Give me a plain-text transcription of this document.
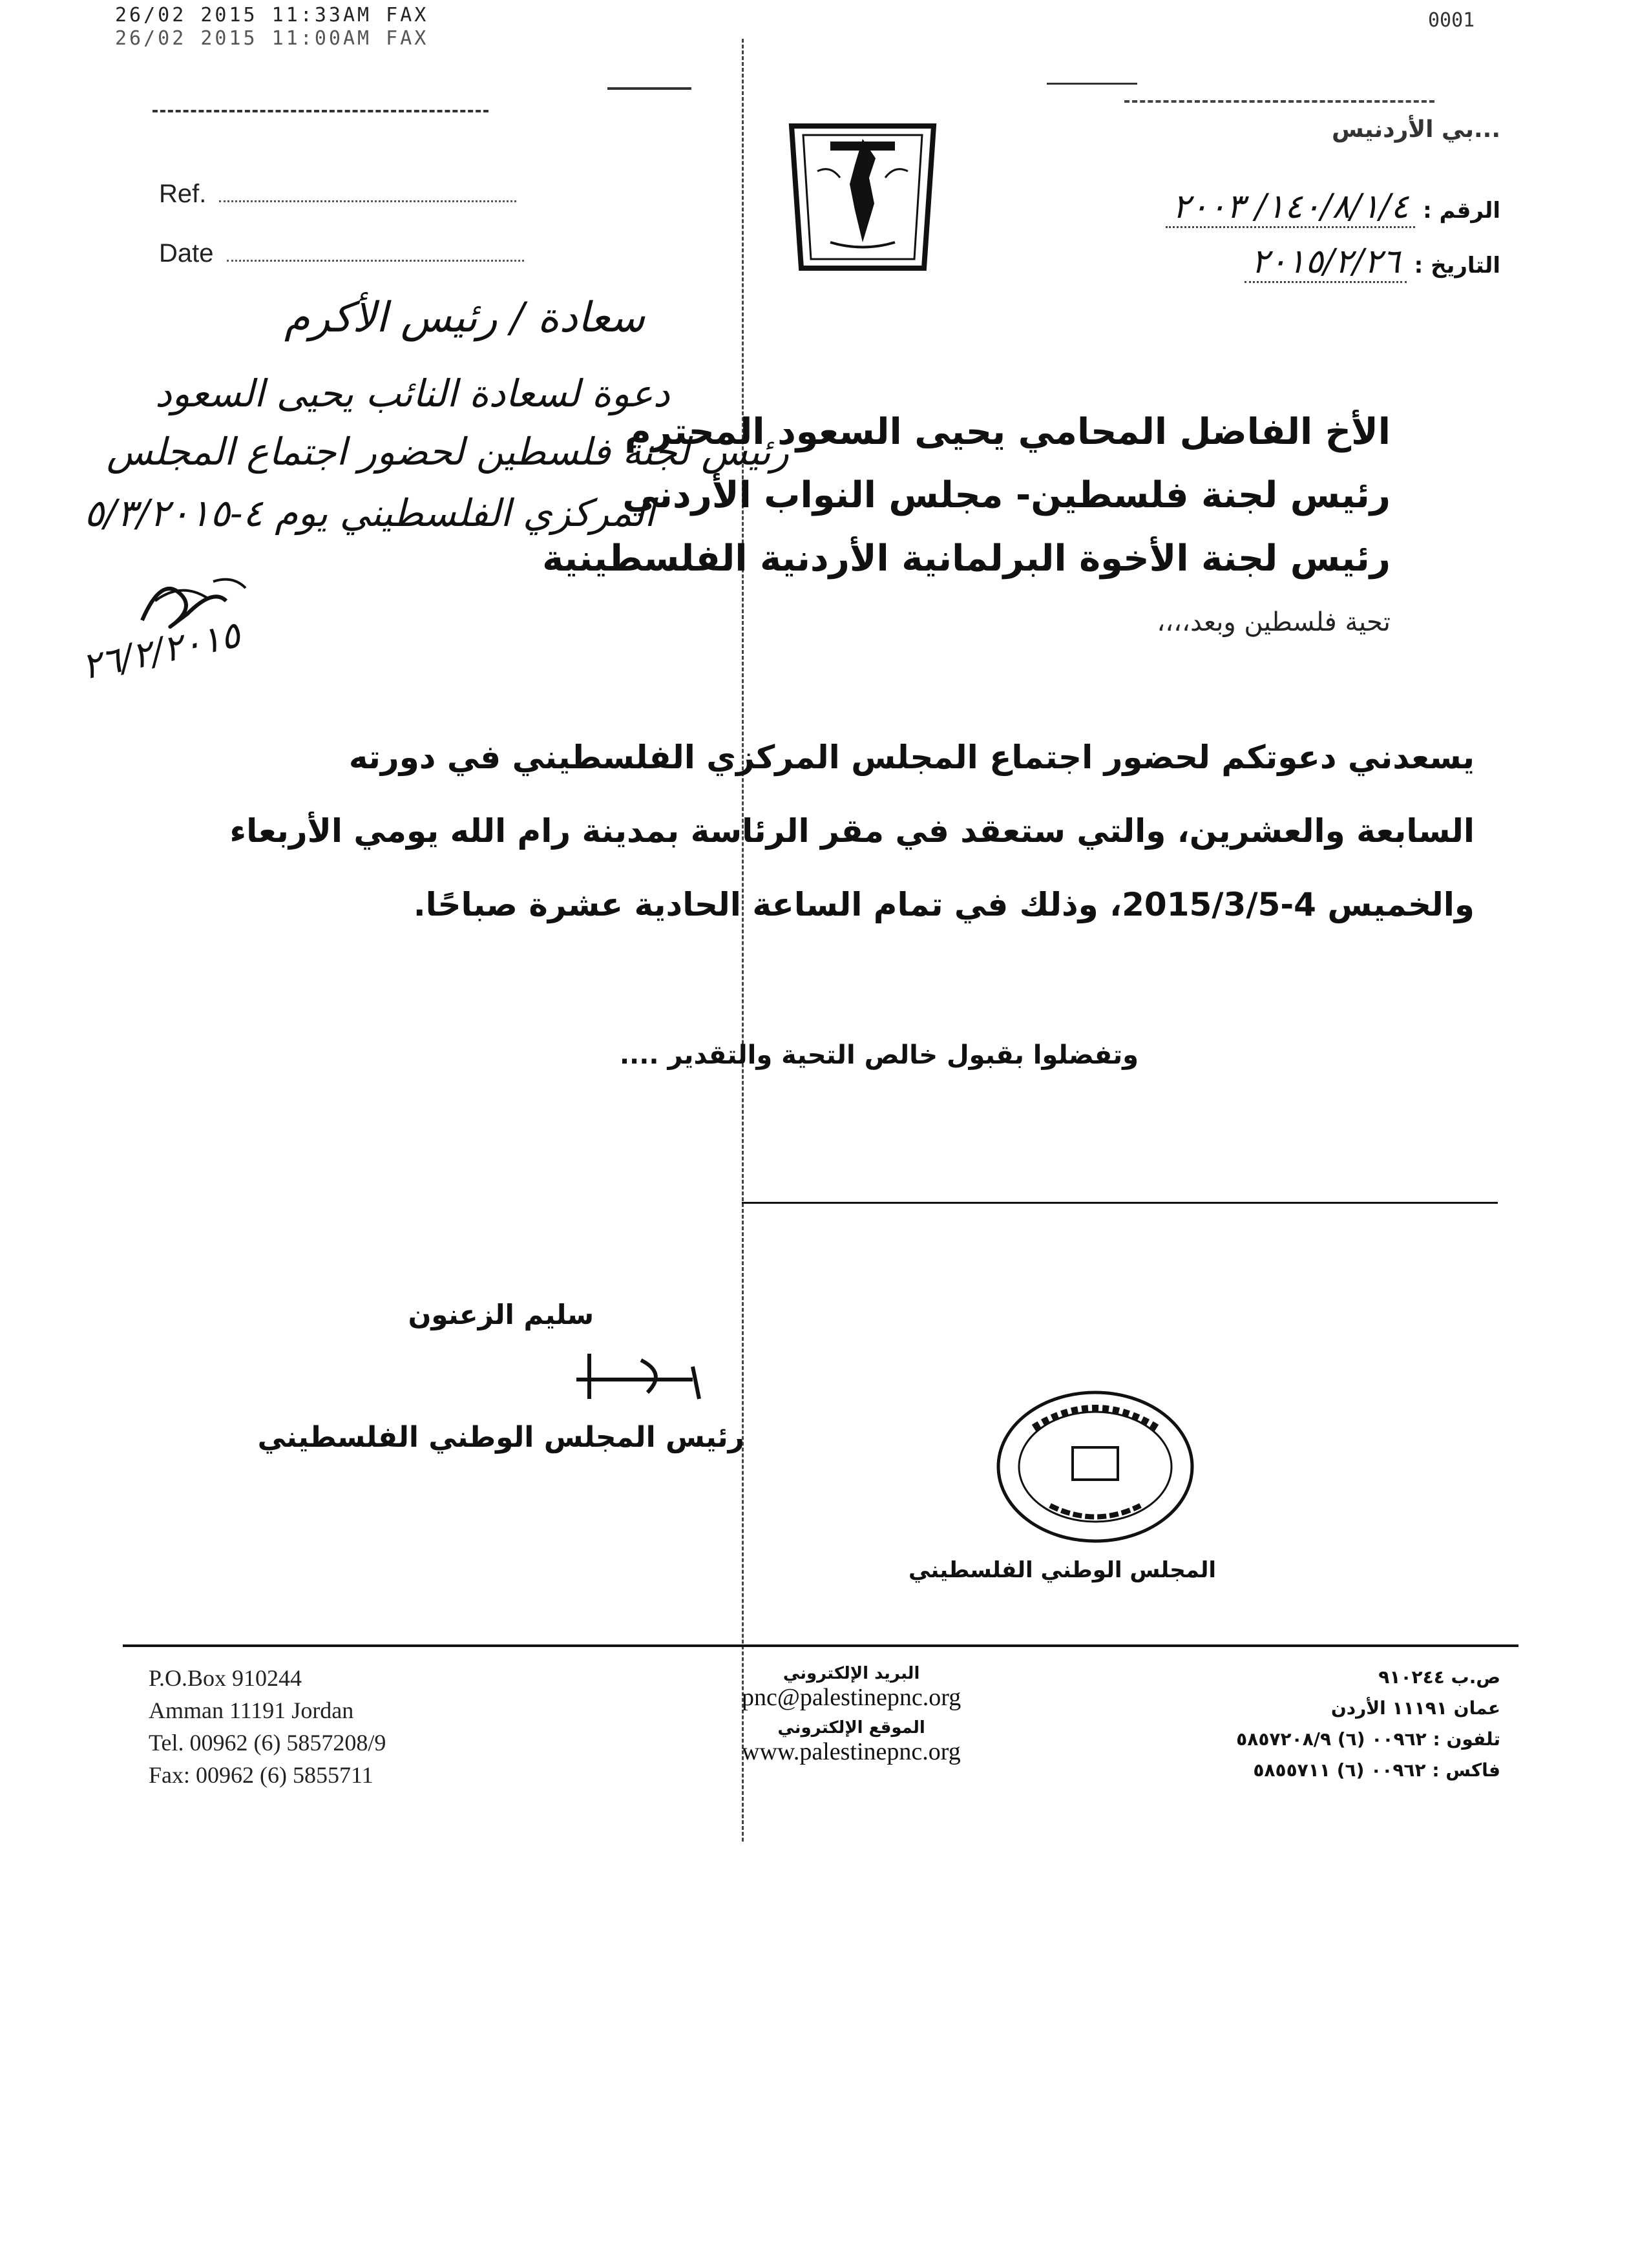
26/02 2015 11:33AM FAX
26/02 2015 11:00AM FAX
0001
Ref.
Date
...بي الأردنيس
الرقم : ١٤٠/٨/١/٤/ ٢٠٠٣
التاريخ : ٢٠١٥/٢/٢٦
سعادة / رئيس الأكرم
دعوة لسعادة النائب يحيى السعود
رئيس لجنة فلسطين لحضور اجتماع المجلس
المركزي الفلسطيني يوم ٤-٥/٣/٢٠١٥
٢٦/٢/٢٠١٥
الأخ الفاضل المحامي يحيى السعود المحترم
رئيس لجنة فلسطين- مجلس النواب الأردني
رئيس لجنة الأخوة البرلمانية الأردنية الفلسطينية
تحية فلسطين وبعد،،،،
يسعدني دعوتكم لحضور اجتماع المجلس المركزي الفلسطيني في دورته
السابعة والعشرين، والتي ستعقد في مقر الرئاسة بمدينة رام الله يومي الأربعاء
والخميس 4-2015/3/5، وذلك في تمام الساعة الحادية عشرة صباحًا.
وتفضلوا بقبول خالص التحية والتقدير ....
سليم الزعنون
رئيس المجلس الوطني الفلسطيني
المجلس الوطني الفلسطيني
P.O.Box 910244
Amman 11191 Jordan
Tel. 00962 (6) 5857208/9
Fax: 00962 (6) 5855711
البريد الإلكتروني
pnc@palestinepnc.org
الموقع الإلكتروني
www.palestinepnc.org
ص.ب ٩١٠٢٤٤
عمان ١١١٩١ الأردن
تلفون : ٠٠٩٦٢ (٦) ٥٨٥٧٢٠٨/٩
فاكس : ٠٠٩٦٢ (٦) ٥٨٥٥٧١١
